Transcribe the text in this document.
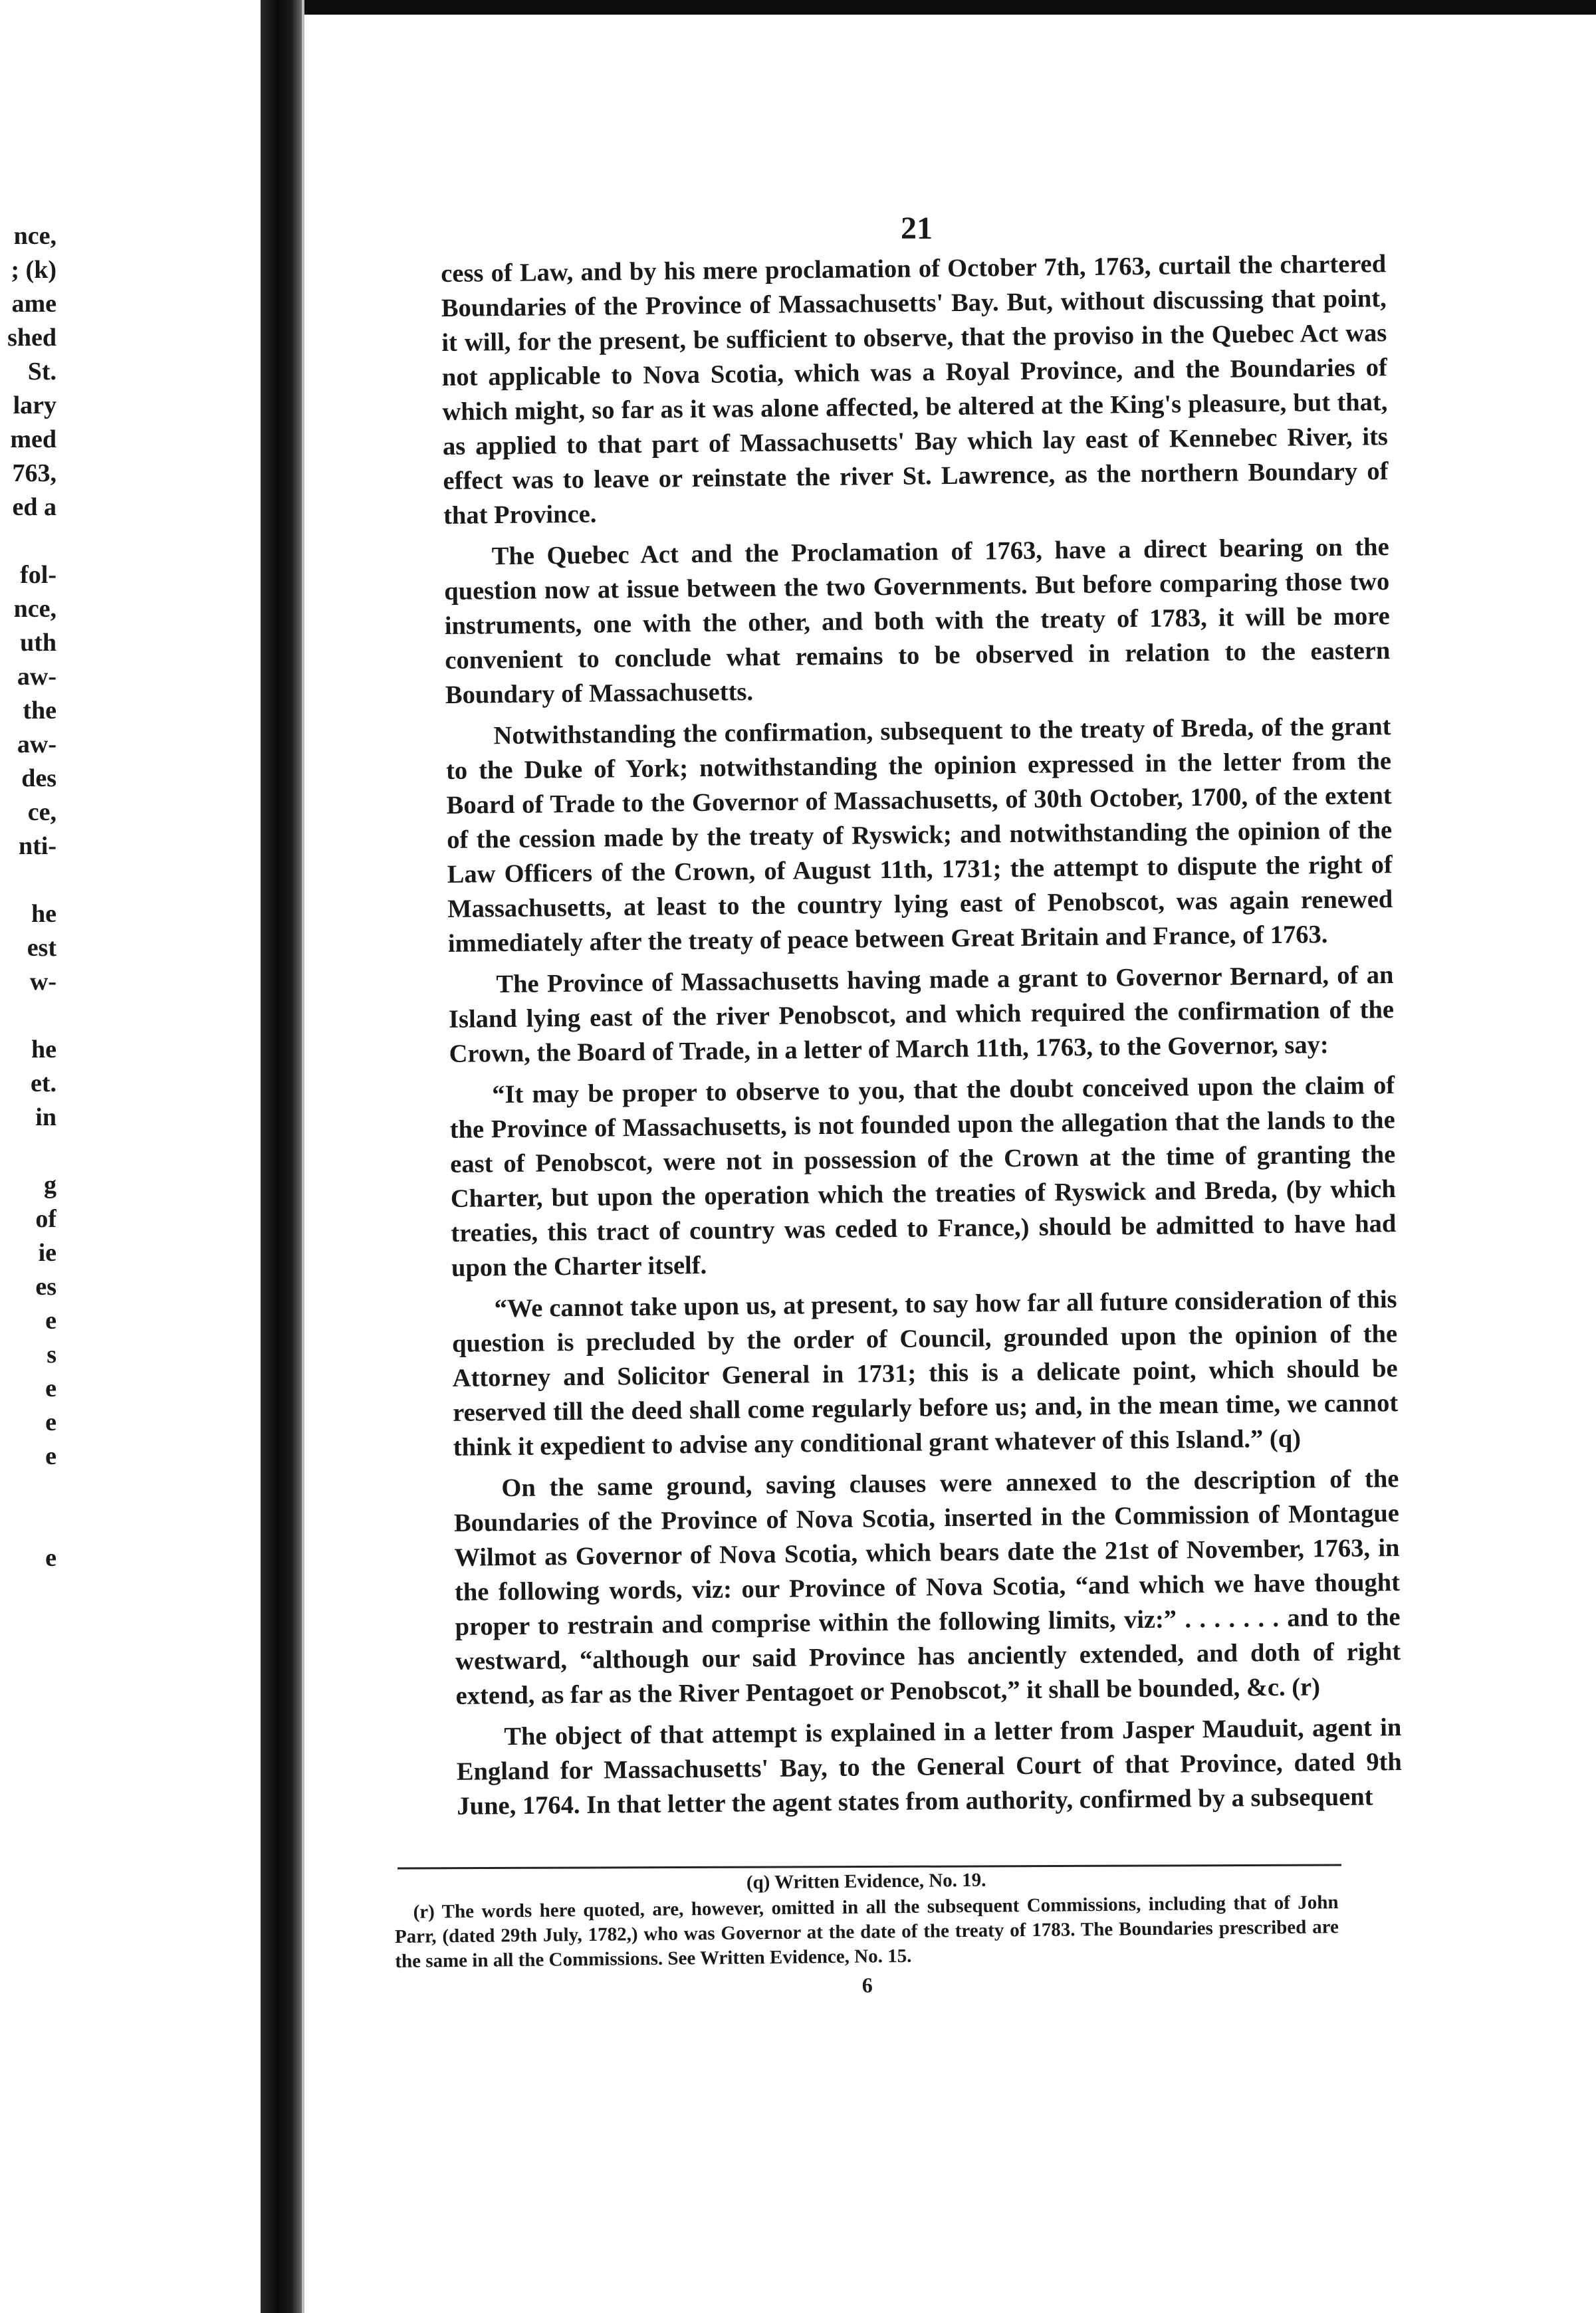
nce,
; (k)
ame
shed
St.
lary
med
763,
ed a
fol-
nce,
uth
aw-
the
aw-
des
ce,
nti-
he
est
w-
he
et.
in
g
of
ie
es
e
s
e
e
e
e
21

cess of Law, and by his mere proclamation of October 7th, 1763, curtail the chartered Boundaries of the Province of Massachusetts' Bay. But, without discussing that point, it will, for the present, be sufficient to observe, that the proviso in the Quebec Act was not applicable to Nova Scotia, which was a Royal Province, and the Boundaries of which might, so far as it was alone affected, be altered at the King's pleasure, but that, as applied to that part of Massachusetts' Bay which lay east of Kennebec River, its effect was to leave or reinstate the river St. Lawrence, as the northern Boundary of that Province.

The Quebec Act and the Proclamation of 1763, have a direct bearing on the question now at issue between the two Governments. But before comparing those two instruments, one with the other, and both with the treaty of 1783, it will be more convenient to conclude what remains to be observed in relation to the eastern Boundary of Massachusetts.

Notwithstanding the confirmation, subsequent to the treaty of Breda, of the grant to the Duke of York; notwithstanding the opinion expressed in the letter from the Board of Trade to the Governor of Massachusetts, of 30th October, 1700, of the extent of the cession made by the treaty of Ryswick; and notwithstanding the opinion of the Law Officers of the Crown, of August 11th, 1731; the attempt to dispute the right of Massachusetts, at least to the country lying east of Penobscot, was again renewed immediately after the treaty of peace between Great Britain and France, of 1763.

The Province of Massachusetts having made a grant to Governor Bernard, of an Island lying east of the river Penobscot, and which required the confirmation of the Crown, the Board of Trade, in a letter of March 11th, 1763, to the Governor, say:

“It may be proper to observe to you, that the doubt conceived upon the claim of the Province of Massachusetts, is not founded upon the allegation that the lands to the east of Penobscot, were not in possession of the Crown at the time of granting the Charter, but upon the operation which the treaties of Ryswick and Breda, (by which treaties, this tract of country was ceded to France,) should be admitted to have had upon the Charter itself.

“We cannot take upon us, at present, to say how far all future consideration of this question is precluded by the order of Council, grounded upon the opinion of the Attorney and Solicitor General in 1731; this is a delicate point, which should be reserved till the deed shall come regularly before us; and, in the mean time, we cannot think it expedient to advise any conditional grant whatever of this Island.” (q)

On the same ground, saving clauses were annexed to the description of the Boundaries of the Province of Nova Scotia, inserted in the Commission of Montague Wilmot as Governor of Nova Scotia, which bears date the 21st of November, 1763, in the following words, viz: our Province of Nova Scotia, “and which we have thought proper to restrain and comprise within the following limits, viz:” . . . . . . . and to the westward, “although our said Province has anciently extended, and doth of right extend, as far as the River Pentagoet or Penobscot,” it shall be bounded, &c. (r)

The object of that attempt is explained in a letter from Jasper Mauduit, agent in England for Massachusetts' Bay, to the General Court of that Province, dated 9th June, 1764. In that letter the agent states from authority, confirmed by a subsequent

(q) Written Evidence, No. 19.
(r) The words here quoted, are, however, omitted in all the subsequent Commissions, including that of John Parr, (dated 29th July, 1782,) who was Governor at the date of the treaty of 1783. The Boundaries prescribed are the same in all the Commissions. See Written Evidence, No. 15.
6
